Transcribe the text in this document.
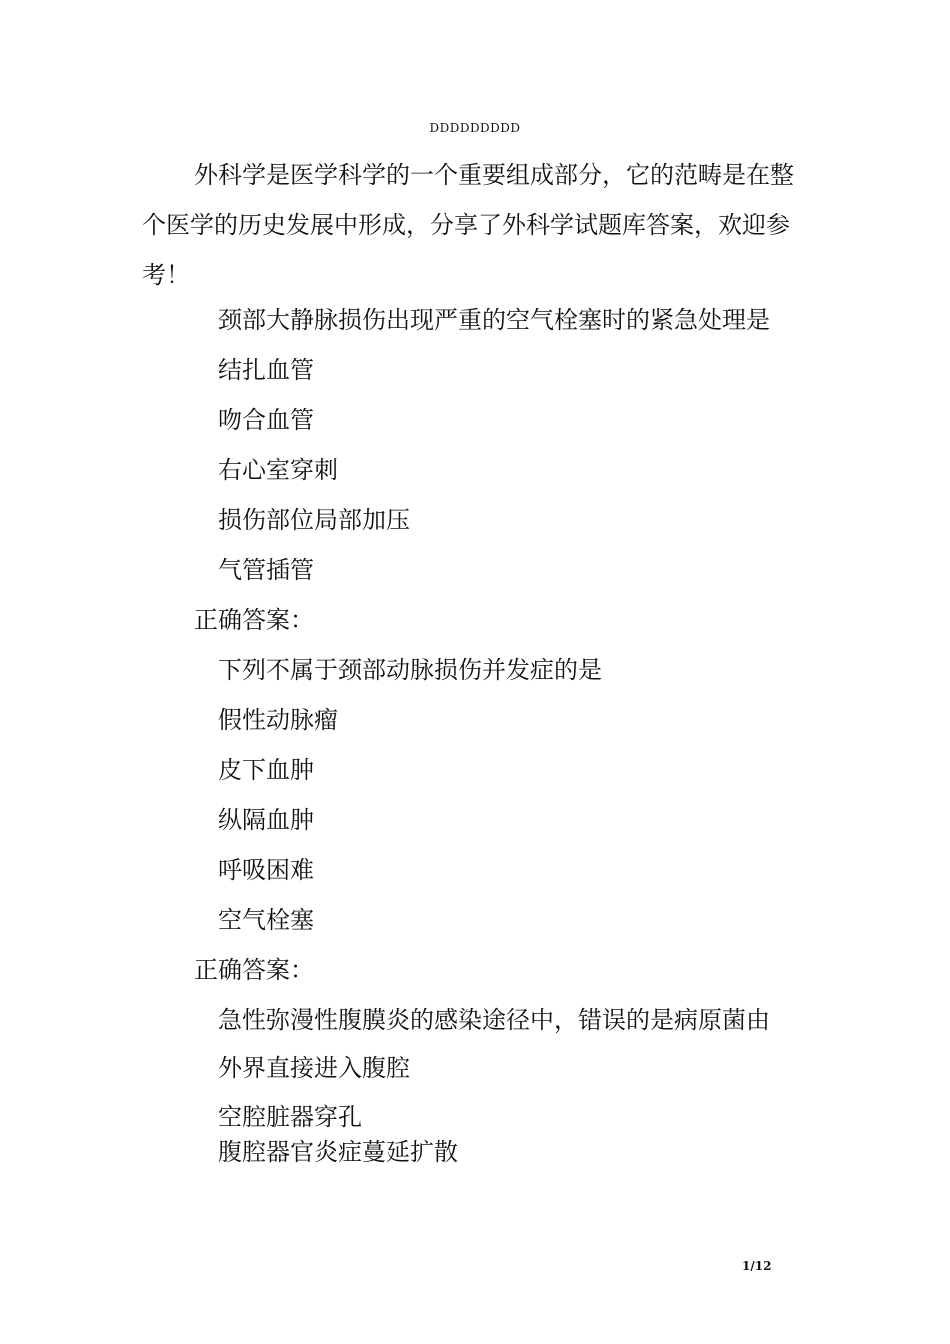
DDDDDDDDD

外科学是医学科学的一个重要组成部分，它的范畴是在整个医学的历史发展中形成，分享了外科学试题库答案，欢迎参考！

颈部大静脉损伤出现严重的空气栓塞时的紧急处理是
结扎血管
吻合血管
右心室穿刺
损伤部位局部加压
气管插管
正确答案：
下列不属于颈部动脉损伤并发症的是
假性动脉瘤
皮下血肿
纵隔血肿
呼吸困难
空气栓塞
正确答案：
急性弥漫性腹膜炎的感染途径中，错误的是病原菌由
外界直接进入腹腔
空腔脏器穿孔
腹腔器官炎症蔓延扩散
1/12
